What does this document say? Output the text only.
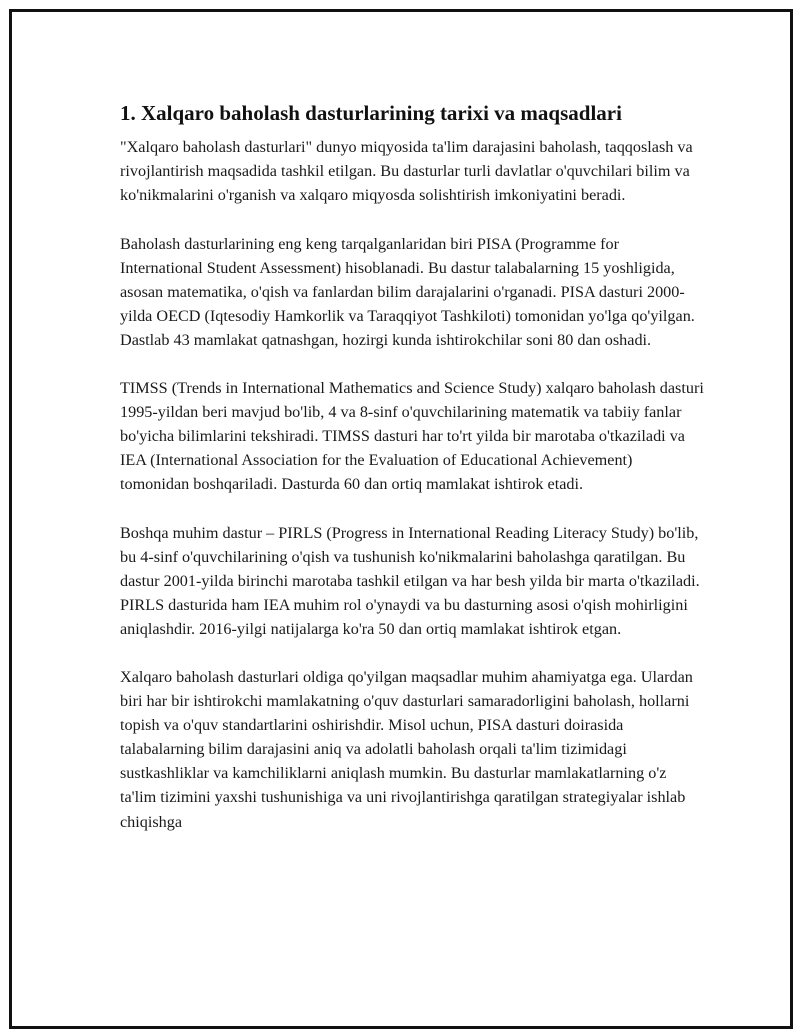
1. Xalqaro baholash dasturlarining tarixi va maqsadlari

"Xalqaro baholash dasturlari" dunyo miqyosida ta'lim darajasini baholash, taqqoslash va rivojlantirish maqsadida tashkil etilgan. Bu dasturlar turli davlatlar o'quvchilari bilim va ko'nikmalarini o'rganish va xalqaro miqyosda solishtirish imkoniyatini beradi.

Baholash dasturlarining eng keng tarqalganlaridan biri PISA (Programme for International Student Assessment) hisoblanadi. Bu dastur talabalarning 15 yoshligida, asosan matematika, o'qish va fanlardan bilim darajalarini o'rganadi. PISA dasturi 2000-yilda OECD (Iqtesodiy Hamkorlik va Taraqqiyot Tashkiloti) tomonidan yo'lga qo'yilgan. Dastlab 43 mamlakat qatnashgan, hozirgi kunda ishtirokchilar soni 80 dan oshadi.

TIMSS (Trends in International Mathematics and Science Study) xalqaro baholash dasturi 1995-yildan beri mavjud bo'lib, 4 va 8-sinf o'quvchilarining matematik va tabiiy fanlar bo'yicha bilimlarini tekshiradi. TIMSS dasturi har to'rt yilda bir marotaba o'tkaziladi va IEA (International Association for the Evaluation of Educational Achievement) tomonidan boshqariladi. Dasturda 60 dan ortiq mamlakat ishtirok etadi.

Boshqa muhim dastur – PIRLS (Progress in International Reading Literacy Study) bo'lib, bu 4-sinf o'quvchilarining o'qish va tushunish ko'nikmalarini baholashga qaratilgan. Bu dastur 2001-yilda birinchi marotaba tashkil etilgan va har besh yilda bir marta o'tkaziladi. PIRLS dasturida ham IEA muhim rol o'ynaydi va bu dasturning asosi o'qish mohirligini aniqlashdir. 2016-yilgi natijalarga ko'ra 50 dan ortiq mamlakat ishtirok etgan.

Xalqaro baholash dasturlari oldiga qo'yilgan maqsadlar muhim ahamiyatga ega. Ulardan biri har bir ishtirokchi mamlakatning o'quv dasturlari samaradorligini baholash, hollarni topish va o'quv standartlarini oshirishdir. Misol uchun, PISA dasturi doirasida talabalarning bilim darajasini aniq va adolatli baholash orqali ta'lim tizimidagi sustkashliklar va kamchiliklarni aniqlash mumkin. Bu dasturlar mamlakatlarning o'z ta'lim tizimini yaxshi tushunishiga va uni rivojlantirishga qaratilgan strategiyalar ishlab chiqishga
